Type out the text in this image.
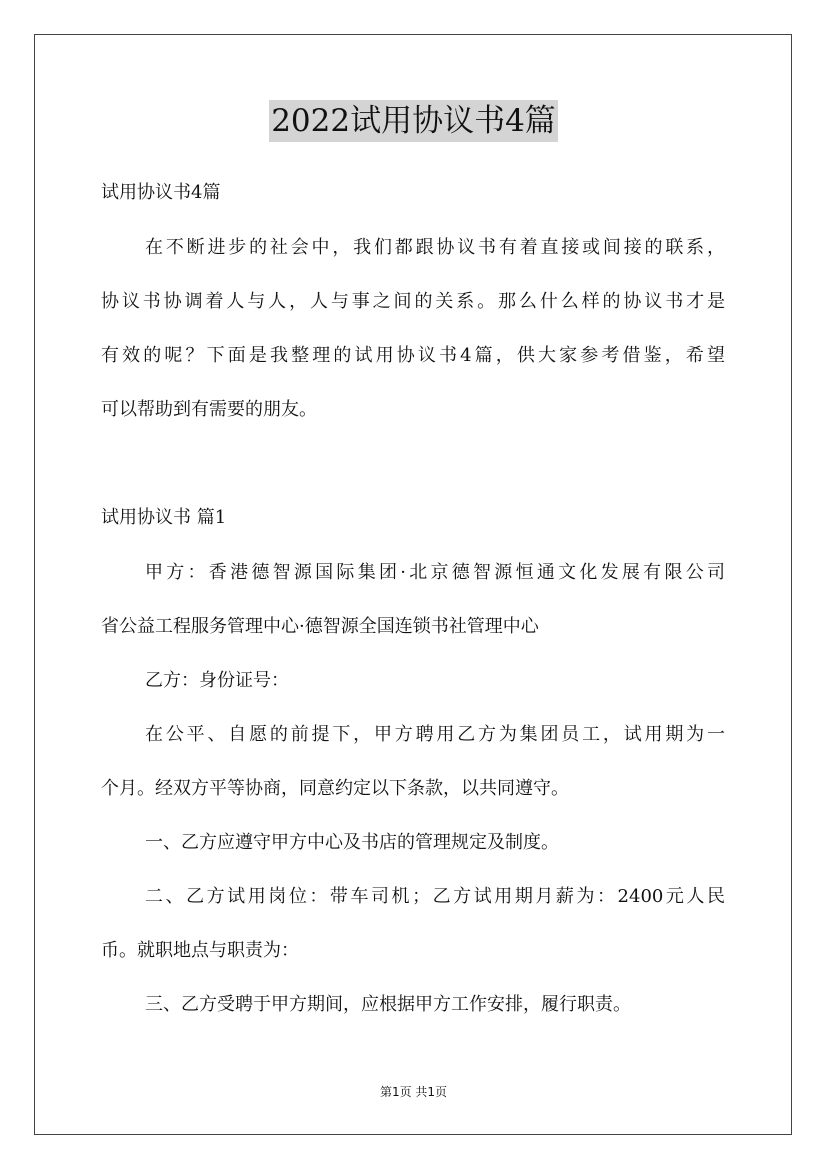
2022试用协议书4篇
试用协议书4篇
在不断进步的社会中，我们都跟协议书有着直接或间接的联系，
协议书协调着人与人，人与事之间的关系。那么什么样的协议书才是
有效的呢？下面是我整理的试用协议书4篇，供大家参考借鉴，希望
可以帮助到有需要的朋友。
试用协议书 篇1
甲方：香港德智源国际集团·北京德智源恒通文化发展有限公司
省公益工程服务管理中心·德智源全国连锁书社管理中心
乙方：身份证号：
在公平、自愿的前提下，甲方聘用乙方为集团员工，试用期为一
个月。经双方平等协商，同意约定以下条款，以共同遵守。
一、乙方应遵守甲方中心及书店的管理规定及制度。
二、乙方试用岗位：带车司机；乙方试用期月薪为：2400元人民
币。就职地点与职责为：
三、乙方受聘于甲方期间，应根据甲方工作安排，履行职责。
第1页 共1页
